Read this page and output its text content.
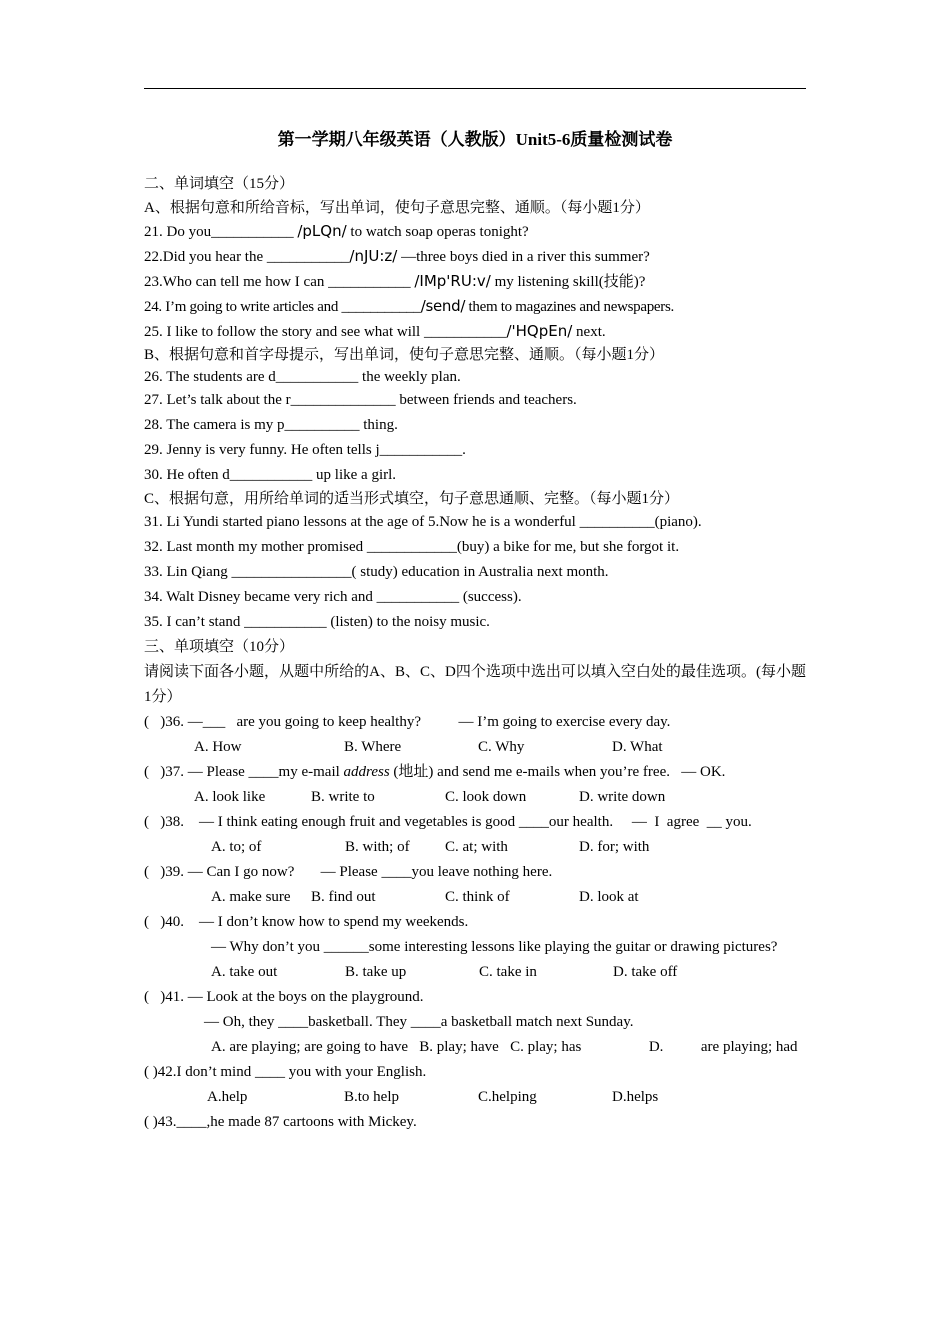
第一学期八年级英语（人教版）Unit5-6质量检测试卷
二、单词填空（15分）
A、根据句意和所给音标，写出单词，使句子意思完整、通顺。（每小题1分）
21. Do you___________ /pLQn/ to watch soap operas tonight?
22.Did you hear the ___________/nJU:z/ —three boys died in a river this summer?
23.Who can tell me how I can ___________ /IMp'RU:v/ my listening skill(技能)?
24. I’m going to write articles and ___________/send/ them to magazines and newspapers.
25. I like to follow the story and see what will ___________/'HQpEn/ next.
B、根据句意和首字母提示，写出单词，使句子意思完整、通顺。（每小题1分）
26. The students are d___________ the weekly plan.
27. Let’s talk about the r______________ between friends and teachers.
28. The camera is my p__________ thing.
29. Jenny is very funny. He often tells j___________.
30. He often d___________ up like a girl.
C、根据句意，用所给单词的适当形式填空，句子意思通顺、完整。（每小题1分）
31. Li Yundi started piano lessons at the age of 5.Now he is a wonderful __________(piano).
32. Last month my mother promised ____________(buy) a bike for me, but she forgot it.
33. Lin Qiang ________________( study) education in Australia next month.
34. Walt Disney became very rich and ___________ (success).
35. I can’t stand ___________ (listen) to the noisy music.
三、单项填空（10分）
请阅读下面各小题，从题中所给的A、B、C、D四个选项中选出可以填入空白处的最佳选项。(每小题1分）
(   )36. —___   are you going to keep healthy?          — I’m going to exercise every day.
A. How	B. Where	C. Why	D. What
(   )37. — Please ____my e-mail address (地址) and send me e-mails when you’re free.   — OK.
A. look like	B. write to	C. look down	D. write down
(   )38.    — I think eating enough fruit and vegetables is good ____our health.     —  I  agree  __ you.
A. to; of	B. with; of C. at; with	D. for; with
(   )39. — Can I go now?       — Please ____you leave nothing here.
A. make sure B. find out	C. think of	D. look at
(   )40.    — I don’t know how to spend my weekends.
— Why don’t you ______some interesting lessons like playing the guitar or drawing pictures?
A. take out	B. take up	C. take in	D. take off
(   )41. — Look at the boys on the playground.
— Oh, they ____basketball. They ____a basketball match next Sunday.
A. are playing; are going to have   B. play; have   C. play; has                  D.          are playing; had
( )42.I don’t mind ____ you with your English.
A.help	B.to help	C.helping	D.helps
( )43.____,he made 87 cartoons with Mickey.
